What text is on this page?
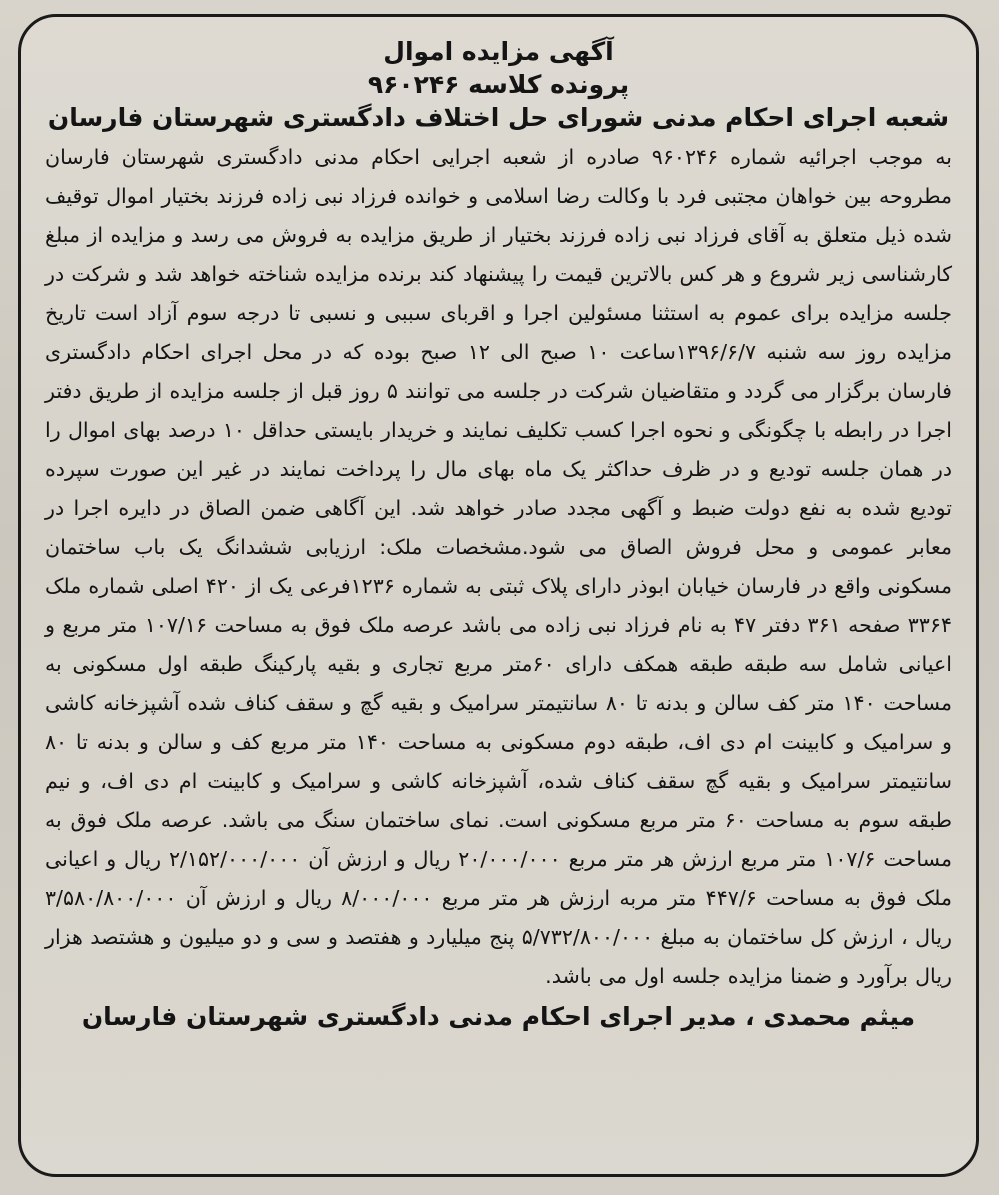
آگهی مزایده اموال

پرونده کلاسه ۹۶۰۲۴۶

شعبه اجرای احکام مدنی شورای حل اختلاف دادگستری شهرستان فارسان

به موجب اجرائیه شماره ۹۶۰۲۴۶ صادره از شعبه اجرایی احکام مدنی دادگستری شهرستان فارسان مطروحه بین خواهان مجتبی فرد با وکالت رضا اسلامی و خوانده فرزاد نبی زاده فرزند بختیار اموال توقیف شده ذیل متعلق به آقای فرزاد نبی زاده فرزند بختیار از طریق مزایده به فروش می رسد و مزایده از مبلغ کارشناسی زیر شروع و هر کس بالاترین قیمت را پیشنهاد کند برنده مزایده شناخته خواهد شد و شرکت در جلسه مزایده برای عموم به استثنا مسئولین اجرا و اقربای سببی و نسبی تا درجه سوم آزاد است تاریخ مزایده روز سه شنبه ۱۳۹۶/۶/۷ساعت ۱۰ صبح الی ۱۲ صبح بوده که در محل اجرای احکام دادگستری فارسان برگزار می گردد و متقاضیان شرکت در جلسه می توانند ۵ روز قبل از جلسه مزایده از طریق دفتر اجرا در رابطه با چگونگی و نحوه اجرا کسب تکلیف نمایند و خریدار بایستی حداقل ۱۰ درصد بهای اموال را در همان جلسه تودیع و در ظرف حداکثر یک ماه بهای مال را پرداخت نمایند در غیر این صورت سپرده تودیع شده به نفع دولت ضبط و آگهی مجدد صادر خواهد شد. این آگاهی ضمن الصاق در دایره اجرا در معابر عمومی و محل فروش الصاق می شود.مشخصات ملک: ارزیابی ششدانگ یک باب ساختمان مسکونی واقع در فارسان خیابان ابوذر دارای پلاک ثبتی به شماره ۱۲۳۶فرعی یک از ۴۲۰ اصلی شماره ملک ۳۳۶۴ صفحه ۳۶۱ دفتر ۴۷ به نام فرزاد نبی زاده می باشد عرصه ملک فوق به مساحت ۱۰۷/۱۶ متر مربع و اعیانی شامل سه طبقه طبقه همکف دارای ۶۰متر مربع تجاری و بقیه پارکینگ طبقه اول مسکونی به مساحت ۱۴۰ متر کف سالن و بدنه تا ۸۰ سانتیمتر سرامیک و بقیه گچ و سقف کناف شده آشپزخانه کاشی و سرامیک و کابینت ام دی اف، طبقه دوم مسکونی به مساحت ۱۴۰ متر مربع کف و سالن و بدنه تا ۸۰ سانتیمتر سرامیک و بقیه گچ سقف کناف شده، آشپزخانه کاشی و سرامیک و کابینت ام دی اف، و نیم طبقه سوم به مساحت ۶۰ متر مربع مسکونی است. نمای ساختمان سنگ می باشد. عرصه ملک فوق به مساحت ۱۰۷/۶ متر مربع ارزش هر متر مربع ۲۰/۰۰۰/۰۰۰ ریال و ارزش آن ۲/۱۵۲/۰۰۰/۰۰۰ ریال و اعیانی ملک فوق به مساحت ۴۴۷/۶ متر مربه ارزش هر متر مربع ۸/۰۰۰/۰۰۰ ریال و ارزش آن ۳/۵۸۰/۸۰۰/۰۰۰ ریال ، ارزش کل ساختمان به مبلغ ۵/۷۳۲/۸۰۰/۰۰۰ پنج میلیارد و هفتصد و سی و دو میلیون و هشتصد هزار ریال برآورد و ضمنا مزایده جلسه اول می باشد.

میثم محمدی ، مدیر اجرای احکام مدنی دادگستری شهرستان فارسان
